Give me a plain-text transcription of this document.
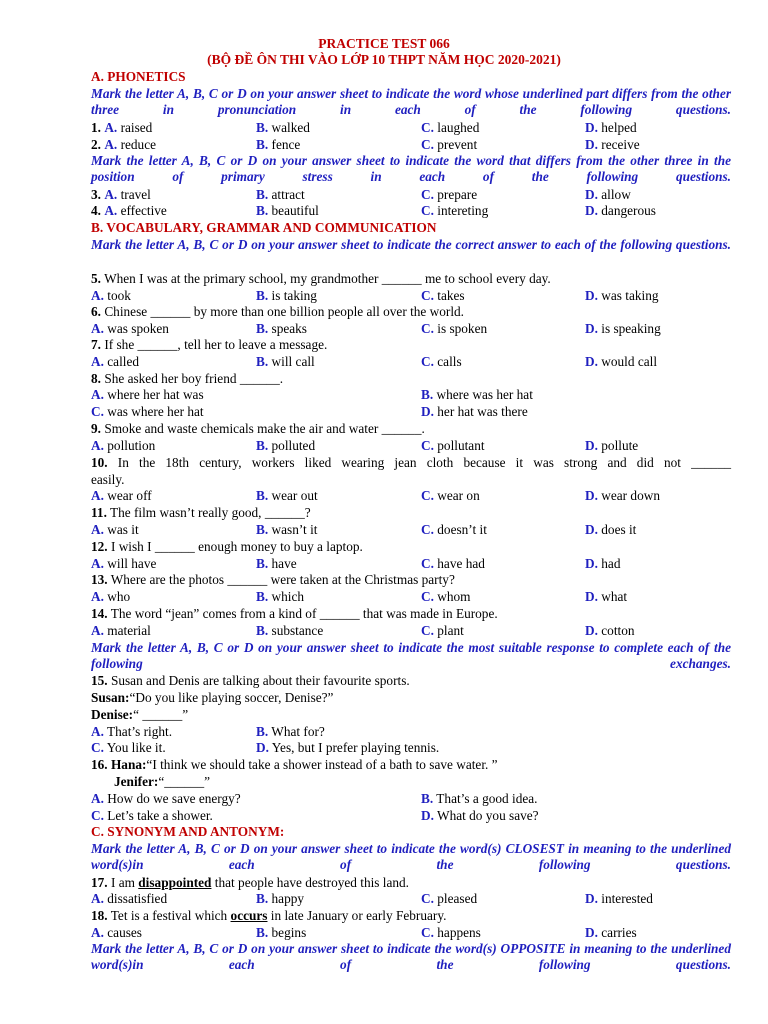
PRACTICE TEST 066
(BỘ ĐỀ ÔN THI VÀO LỚP 10 THPT NĂM HỌC 2020-2021)
A. PHONETICS
Mark the letter A, B, C or D on your answer sheet to indicate the word whose underlined part differs from the other three in pronunciation in each of the following questions.
1. A. raised	B. walked	C. laughed	D. helped
2. A. reduce	B. fence	C. prevent	D. receive
Mark the letter A, B, C or D on your answer sheet to indicate the word that differs from the other three in the position of primary stress in each of the following questions.
3. A. travel	B. attract	C. prepare	D. allow
4. A. effective	B. beautiful	C. intereting	D. dangerous
B. VOCABULARY, GRAMMAR AND COMMUNICATION
Mark the letter A, B, C or D on your answer sheet to indicate the correct answer to each of the following questions.
5. When I was at the primary school, my grandmother ______ me to school every day.
A. took	B. is taking	C. takes	D. was taking
6. Chinese ______ by more than one billion people all over the world.
A. was spoken	B. speaks	C. is spoken	D. is speaking
7. If she ______, tell her to leave a message.
A. called	B. will call	C. calls	D. would call
8. She asked her boy friend ______.
A. where her hat was	B. where was her hat
C. was where her hat	D. her hat was there
9. Smoke and waste chemicals make the air and water ______.
A. pollution	B. polluted	C. pollutant	D. pollute
10. In the 18th century, workers liked wearing jean cloth because it was strong and did not ______
easily.
A. wear off	B. wear out	C. wear on	D. wear down
11. The film wasn’t really good, ______?
A. was it	B. wasn’t it	C. doesn’t it	D. does it
12. I wish I ______ enough money to buy a laptop.
A. will have	B. have	C. have had	D. had
13. Where are the photos ______ were taken at the Christmas party?
A. who	B. which	C. whom	D. what
14. The word “jean” comes from a kind of ______ that was made in Europe.
A. material	B. substance	C. plant	D. cotton
Mark the letter A, B, C or D on your answer sheet to indicate the most suitable response to complete each of the following exchanges.
15. Susan and Denis are talking about their favourite sports.
Susan:“Do you like playing soccer, Denise?”
Denise:“ ______”
A. That’s right.	B. What for?
C. You like it.	D. Yes, but I prefer playing tennis.
16. Hana:“I think we should take a shower instead of a bath to save water. ”
Jenifer:“______”
A. How do we save energy?	B. That’s a good idea.
C. Let’s take a shower.	D. What do you save?
C. SYNONYM AND ANTONYM:
Mark the letter A, B, C or D on your answer sheet to indicate the word(s) CLOSEST in meaning to the underlined word(s)in each of the following questions.
17. I am disappointed that people have destroyed this land.
A. dissatisfied	B. happy	C. pleased	D. interested
18. Tet is a festival which occurs in late January or early February.
A. causes	B. begins	C. happens	D. carries
Mark the letter A, B, C or D on your answer sheet to indicate the word(s) OPPOSITE in meaning to the underlined word(s)in each of the following questions.
